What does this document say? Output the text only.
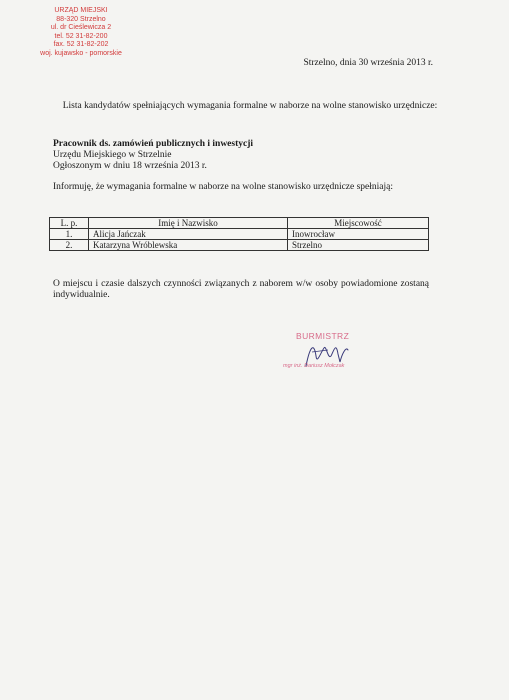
URZĄD MIEJSKI
88-320 Strzelno
ul. dr Cieślewicza 2
tel. 52 31-82-200
fax. 52 31-82-202
woj. kujawsko - pomorskie
Strzelno, dnia 30 września 2013 r.
Lista kandydatów spełniających wymagania formalne w naborze na wolne stanowisko urzędnicze:
Pracownik ds. zamówień publicznych i inwestycji
Urzędu Miejskiego w Strzelnie
Ogłoszonym w dniu 18 września 2013 r.
Informuję, że wymagania formalne w naborze na wolne stanowisko urzędnicze spełniają:
L. p.	Imię i Nazwisko	Miejscowość
1.	Alicja Jańczak	Inowrocław
2.	Katarzyna Wróblewska	Strzelno
O miejscu i czasie dalszych czynności związanych z naborem w/w osoby powiadomione zostaną indywidualnie.
BURMISTRZ
mgr inż. Dariusz Mołczak
